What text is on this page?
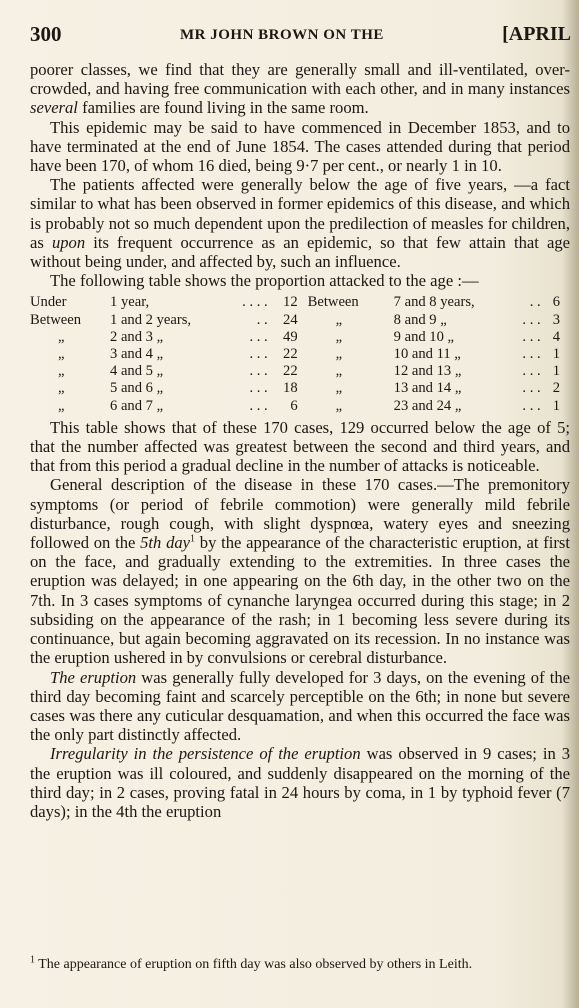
300	MR JOHN BROWN ON THE	[APRIL

poorer classes, we find that they are generally small and ill-ventilated, over-crowded, and having free communication with each other, and in many instances several families are found living in the same room.

This epidemic may be said to have commenced in December 1853, and to have terminated at the end of June 1854. The cases attended during that period have been 170, of whom 16 died, being 9·7 per cent., or nearly 1 in 10.

The patients affected were generally below the age of five years, —a fact similar to what has been observed in former epidemics of this disease, and which is probably not so much dependent upon the predilection of measles for children, as upon its frequent occurrence as an epidemic, so that few attain that age without being under, and affected by, such an influence.

The following table shows the proportion attacked to the age :—

Under	1 year,	. . . .	12	Between	7 and 8 years,	. .	6
Between	1 and 2 years,	. .	24	„	8 and 9 „	. . .	3
„	2 and 3 „	. . .	49	„	9 and 10 „	. . .	4
„	3 and 4 „	. . .	22	„	10 and 11 „	. . .	1
„	4 and 5 „	. . .	22	„	12 and 13 „	. . .	1
„	5 and 6 „	. . .	18	„	13 and 14 „	. . .	2
„	6 and 7 „	. . .	6	„	23 and 24 „	. . .	1

This table shows that of these 170 cases, 129 occurred below the age of 5; that the number affected was greatest between the second and third years, and that from this period a gradual decline in the number of attacks is noticeable.

General description of the disease in these 170 cases.—The premonitory symptoms (or period of febrile commotion) were generally mild febrile disturbance, rough cough, with slight dyspnœa, watery eyes and sneezing followed on the 5th day$^1$ by the appearance of the characteristic eruption, at first on the face, and gradually extending to the extremities. In three cases the eruption was delayed; in one appearing on the 6th day, in the other two on the 7th. In 3 cases symptoms of cynanche laryngea occurred during this stage; in 2 subsiding on the appearance of the rash; in 1 becoming less severe during its continuance, but again becoming aggravated on its recession. In no instance was the eruption ushered in by convulsions or cerebral disturbance.

The eruption was generally fully developed for 3 days, on the evening of the third day becoming faint and scarcely perceptible on the 6th; in none but severe cases was there any cuticular desquamation, and when this occurred the face was the only part distinctly affected.

Irregularity in the persistence of the eruption was observed in 9 cases; in 3 the eruption was ill coloured, and suddenly disappeared on the morning of the third day; in 2 cases, proving fatal in 24 hours by coma, in 1 by typhoid fever (7 days); in the 4th the eruption

$^1$ The appearance of eruption on fifth day was also observed by others in Leith.
